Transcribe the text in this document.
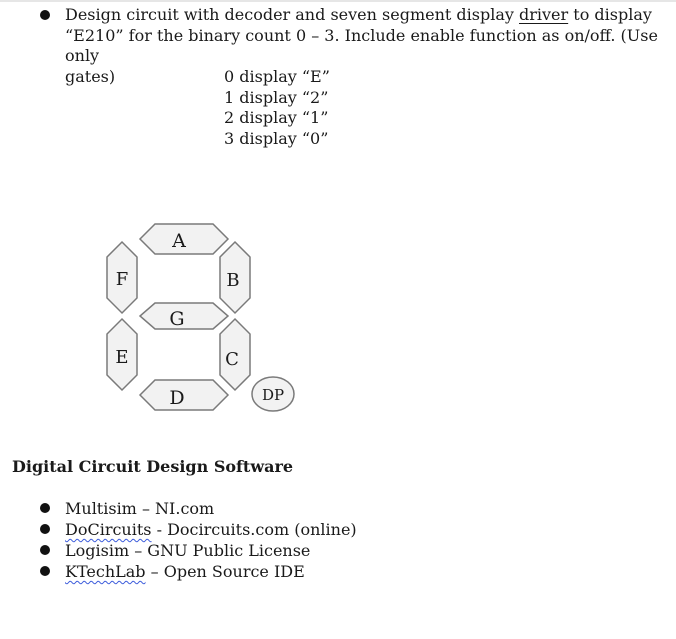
Design circuit with decoder and seven segment display driver to display
“E210” for the binary count 0 – 3. Include enable function as on/off. (Use only
gates)	0 display “E”
1 display “2”
2 display “1”
3 display “0”
A
F	B
G
E	C
D	DP
Digital Circuit Design Software
Multisim – NI.com
DoCircuits - Docircuits.com (online)
Logisim – GNU Public License
KTechLab – Open Source IDE
